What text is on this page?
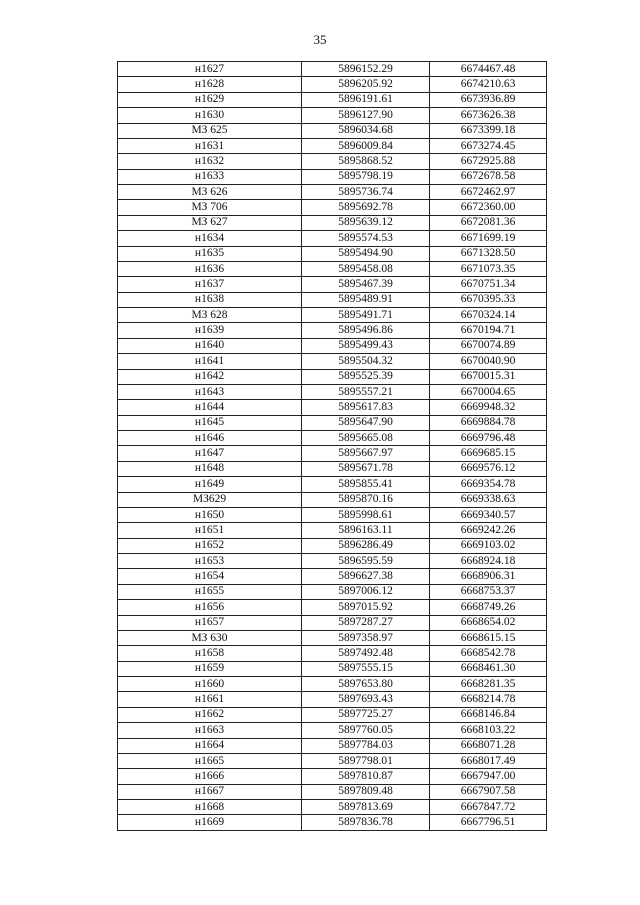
35
н1627	5896152.29	6674467.48
н1628	5896205.92	6674210.63
н1629	5896191.61	6673936.89
н1630	5896127.90	6673626.38
МЗ 625	5896034.68	6673399.18
н1631	5896009.84	6673274.45
н1632	5895868.52	6672925.88
н1633	5895798.19	6672678.58
МЗ 626	5895736.74	6672462.97
МЗ 706	5895692.78	6672360.00
МЗ 627	5895639.12	6672081.36
н1634	5895574.53	6671699.19
н1635	5895494.90	6671328.50
н1636	5895458.08	6671073.35
н1637	5895467.39	6670751.34
н1638	5895489.91	6670395.33
МЗ 628	5895491.71	6670324.14
н1639	5895496.86	6670194.71
н1640	5895499.43	6670074.89
н1641	5895504.32	6670040.90
н1642	5895525.39	6670015.31
н1643	5895557.21	6670004.65
н1644	5895617.83	6669948.32
н1645	5895647.90	6669884.78
н1646	5895665.08	6669796.48
н1647	5895667.97	6669685.15
н1648	5895671.78	6669576.12
н1649	5895855.41	6669354.78
МЗ629	5895870.16	6669338.63
н1650	5895998.61	6669340.57
н1651	5896163.11	6669242.26
н1652	5896286.49	6669103.02
н1653	5896595.59	6668924.18
н1654	5896627.38	6668906.31
н1655	5897006.12	6668753.37
н1656	5897015.92	6668749.26
н1657	5897287.27	6668654.02
МЗ 630	5897358.97	6668615.15
н1658	5897492.48	6668542.78
н1659	5897555.15	6668461.30
н1660	5897653.80	6668281.35
н1661	5897693.43	6668214.78
н1662	5897725.27	6668146.84
н1663	5897760.05	6668103.22
н1664	5897784.03	6668071.28
н1665	5897798.01	6668017.49
н1666	5897810.87	6667947.00
н1667	5897809.48	6667907.58
н1668	5897813.69	6667847.72
н1669	5897836.78	6667796.51
